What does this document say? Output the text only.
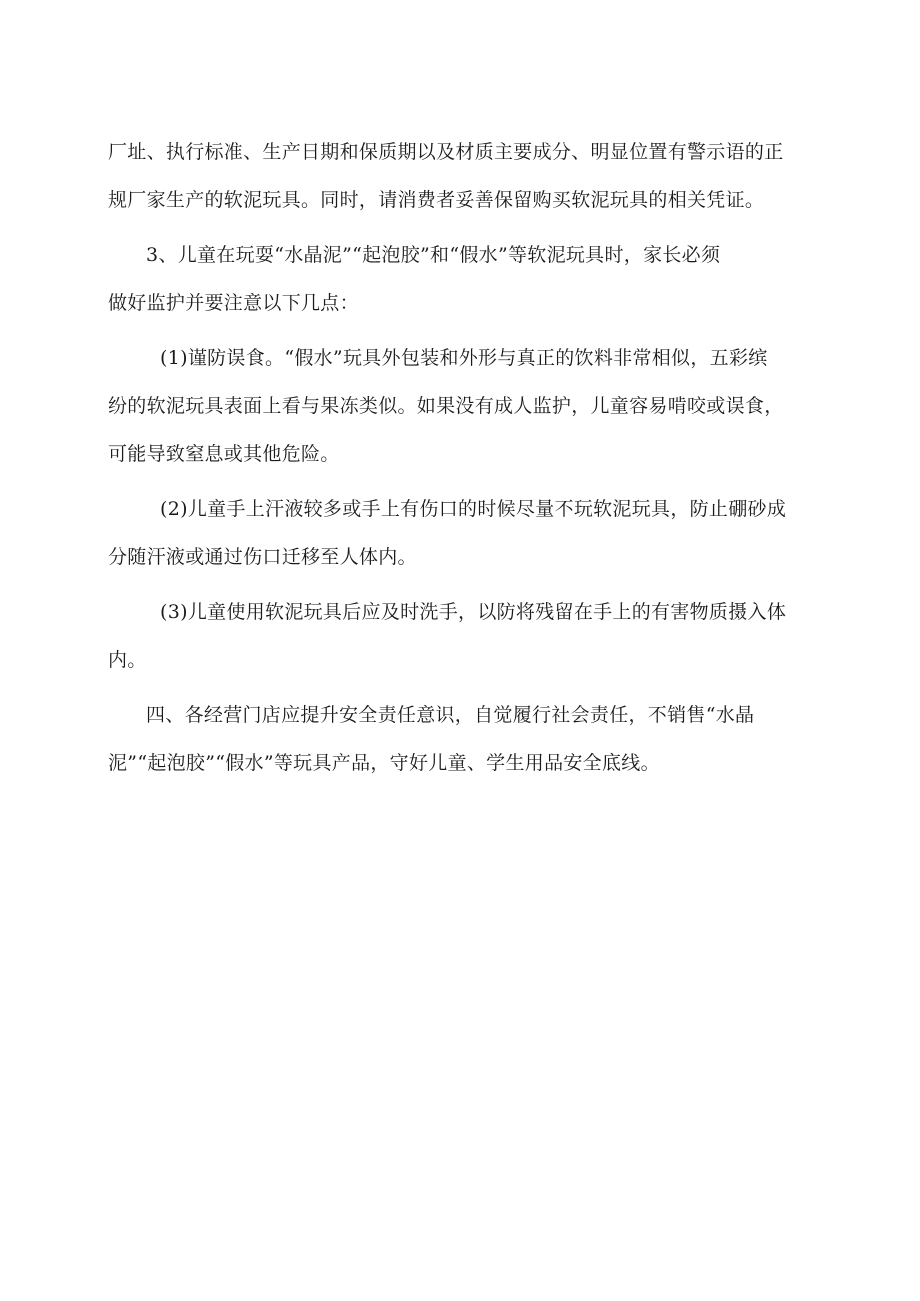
厂址、执行标准、生产日期和保质期以及材质主要成分、明显位置有警示语的正
规厂家生产的软泥玩具。同时，请消费者妥善保留购买软泥玩具的相关凭证。
3、儿童在玩耍“水晶泥”“起泡胶”和“假水”等软泥玩具时，家长必须
做好监护并要注意以下几点：
(1)谨防误食。“假水”玩具外包装和外形与真正的饮料非常相似，五彩缤
纷的软泥玩具表面上看与果冻类似。如果没有成人监护，儿童容易啃咬或误食，
可能导致窒息或其他危险。
(2)儿童手上汗液较多或手上有伤口的时候尽量不玩软泥玩具，防止硼砂成
分随汗液或通过伤口迁移至人体内。
(3)儿童使用软泥玩具后应及时洗手，以防将残留在手上的有害物质摄入体
内。
四、各经营门店应提升安全责任意识，自觉履行社会责任，不销售“水晶
泥”“起泡胶”“假水”等玩具产品，守好儿童、学生用品安全底线。
